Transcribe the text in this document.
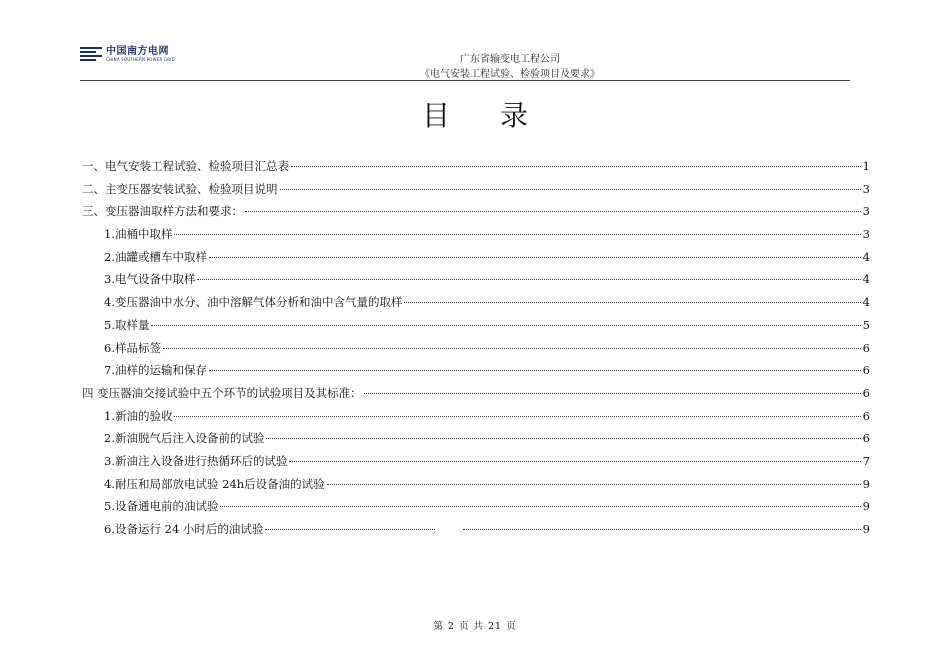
中国南方电网
CHINA SOUTHERN POWER GRID	广东省输变电工程公司
《电气安装工程试验、检验项目及要求》
目录
一、电气安装工程试验、检验项目汇总表	1
二、主变压器安装试验、检验项目说明	3
三、变压器油取样方法和要求：	3
1.油桶中取样	3
2.油罐或槽车中取样	4
3.电气设备中取样	4
4.变压器油中水分、油中溶解气体分析和油中含气量的取样	4
5.取样量	5
6.样品标签	6
7.油样的运输和保存	6
四 变压器油交接试验中五个环节的试验项目及其标准：	6
1.新油的验收	6
2.新油脱气后注入设备前的试验	6
3.新油注入设备进行热循环后的试验	7
4.耐压和局部放电试验 24h后设备油的试验	9
5.设备通电前的油试验	9
6.设备运行 24 小时后的油试验	9
第 2 页 共 21 页
